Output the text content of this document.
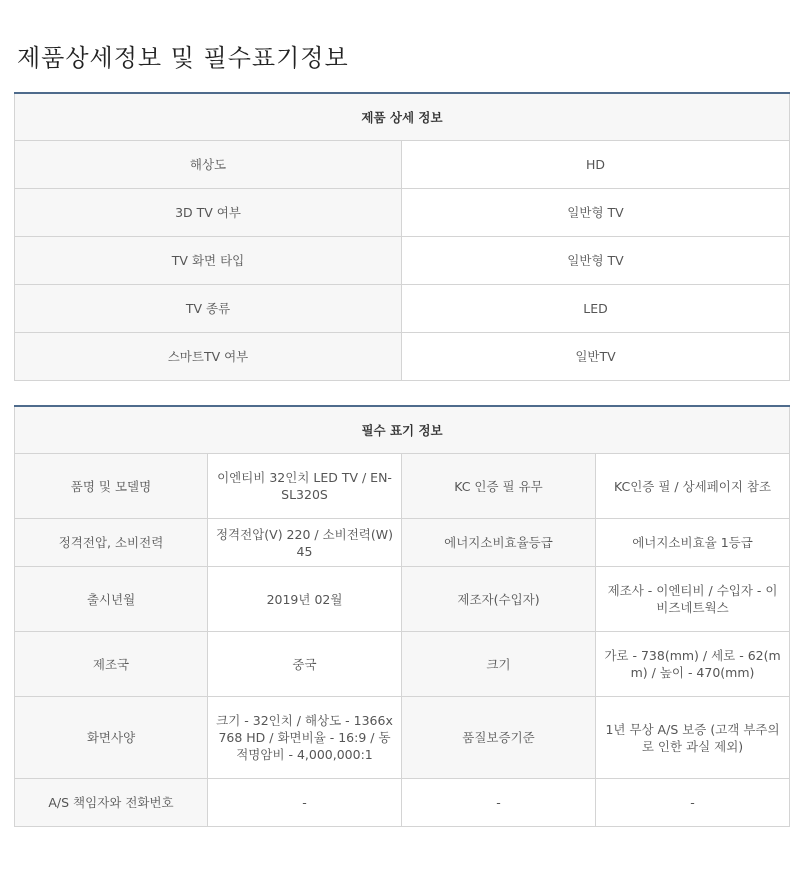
제품상세정보 및 필수표기정보
제품 상세 정보	
해상도	HD
3D TV 여부	일반형 TV
TV 화면 타입	일반형 TV
TV 종류	LED
스마트TV 여부	일반TV
필수 표기 정보			
품명 및 모델명	이엔티비 32인치 LED TV / EN-SL320S	KC 인증 필 유무	KC인증 필 / 상세페이지 참조
정격전압, 소비전력	정격전압(V) 220 / 소비전력(W) 45	에너지소비효율등급	에너지소비효율 1등급
출시년월	2019년 02월	제조자(수입자)	제조사 - 이엔티비 / 수입자 - 이비즈네트웍스
제조국	중국	크기	가로 - 738(mm) / 세로 - 62(mm) / 높이 - 470(mm)
화면사양	크기 - 32인치 / 해상도 - 1366x768 HD / 화면비율 - 16:9 / 동적명암비 - 4,000,000:1	품질보증기준	1년 무상 A/S 보증 (고객 부주의로 인한 과실 제외)
A/S 책임자와 전화번호	-	-	-
